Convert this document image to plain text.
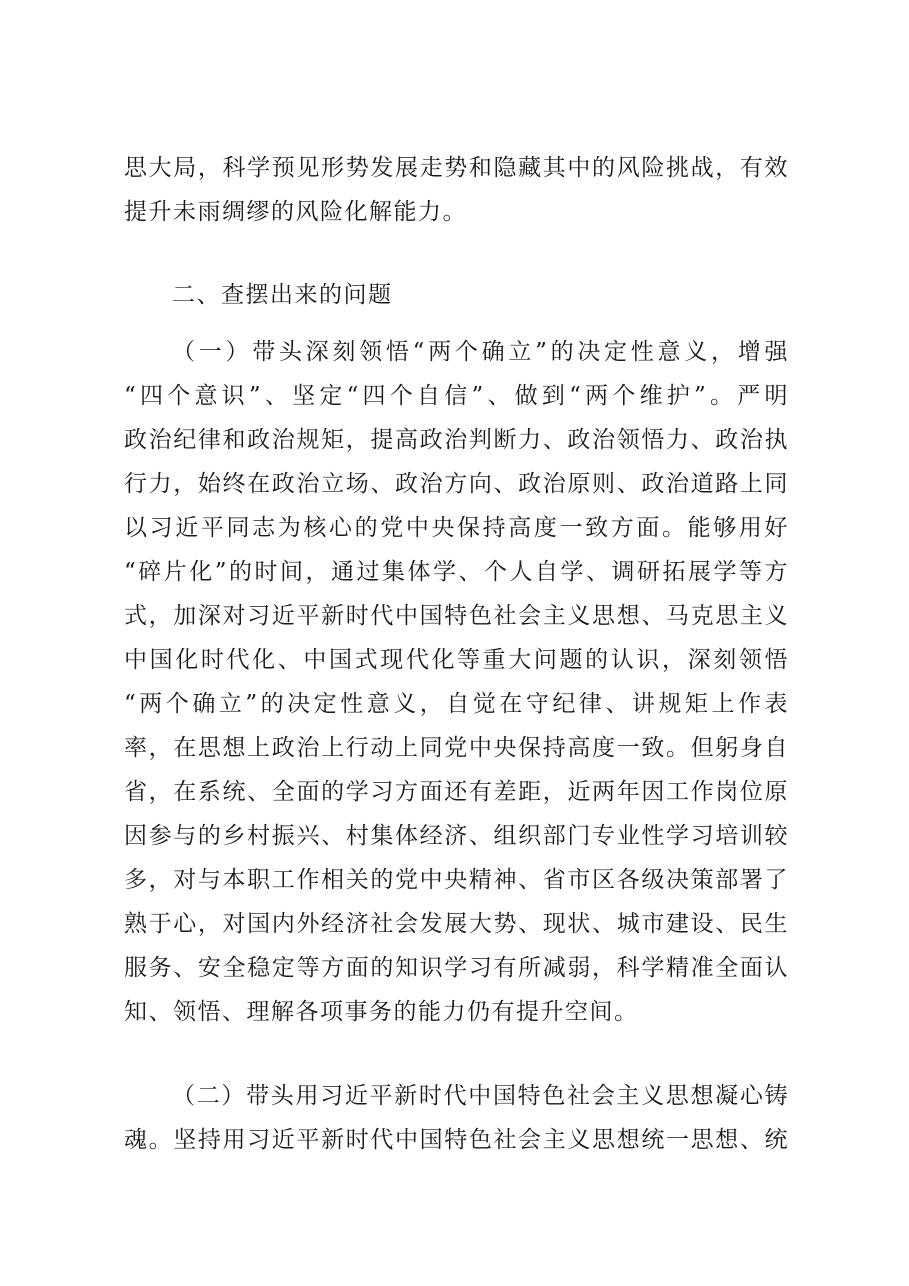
思大局，科学预见形势发展走势和隐藏其中的风险挑战，有效
提升未雨绸缪的风险化解能力。
二、查摆出来的问题
（一）带头深刻领悟“两个确立”的决定性意义，增强
“四个意识”、坚定“四个自信”、做到“两个维护”。严明
政治纪律和政治规矩，提高政治判断力、政治领悟力、政治执
行力，始终在政治立场、政治方向、政治原则、政治道路上同
以习近平同志为核心的党中央保持高度一致方面。能够用好
“碎片化”的时间，通过集体学、个人自学、调研拓展学等方
式，加深对习近平新时代中国特色社会主义思想、马克思主义
中国化时代化、中国式现代化等重大问题的认识，深刻领悟
“两个确立”的决定性意义，自觉在守纪律、讲规矩上作表
率，在思想上政治上行动上同党中央保持高度一致。但躬身自
省，在系统、全面的学习方面还有差距，近两年因工作岗位原
因参与的乡村振兴、村集体经济、组织部门专业性学习培训较
多，对与本职工作相关的党中央精神、省市区各级决策部署了
熟于心，对国内外经济社会发展大势、现状、城市建设、民生
服务、安全稳定等方面的知识学习有所减弱，科学精准全面认
知、领悟、理解各项事务的能力仍有提升空间。
（二）带头用习近平新时代中国特色社会主义思想凝心铸
魂。坚持用习近平新时代中国特色社会主义思想统一思想、统
